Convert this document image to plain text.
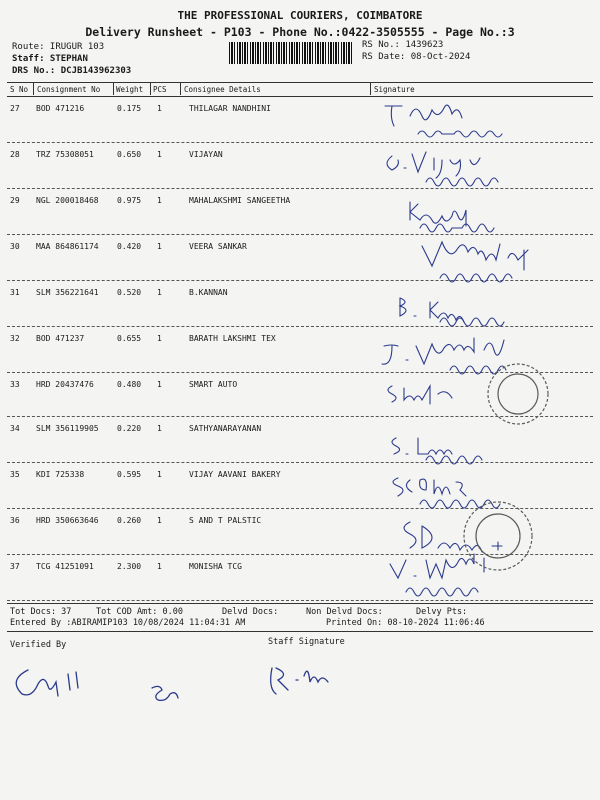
THE PROFESSIONAL COURIERS, COIMBATORE
Delivery Runsheet - P103 - Phone No.:0422-3505555 - Page No.:3
Route: IRUGUR 103
Staff: STEPHAN
DRS No.: DCJB143962303
RS No.: 1439623
RS Date: 08-Oct-2024
S No Consignment No Weight PCS Consignee Details	Signature
27 BOD 471216	0.175 1	THILAGAR NANDHINI
28 TRZ 75308051	0.650 1	VIJAYAN
29 NGL 200018468 0.975 1	MAHALAKSHMI SANGEETHA
30 MAA 864861174 0.420 1	VEERA SANKAR
31 SLM 356221641 0.520 1	B.KANNAN
32 BOD 471237	0.655 1	BARATH LAKSHMI TEX
33 HRD 20437476	0.480 1	SMART AUTO
34 SLM 356119905 0.220 1	SATHYANARAYANAN
35 KDI 725338	0.595 1	VIJAY AAVANI BAKERY
36 HRD 350663646 0.260 1	S AND T PALSTIC
37 TCG 41251091	2.300 1	MONISHA TCG
Tot Docs: 37	Tot COD Amt: 0.00	Delvd Docs:	Non Delvd Docs:	Delvy Pts:
Entered By :ABIRAMIP103 10/08/2024 11:04:31 AM	Printed On: 08-10-2024 11:06:46
Verified By	Staff Signature
